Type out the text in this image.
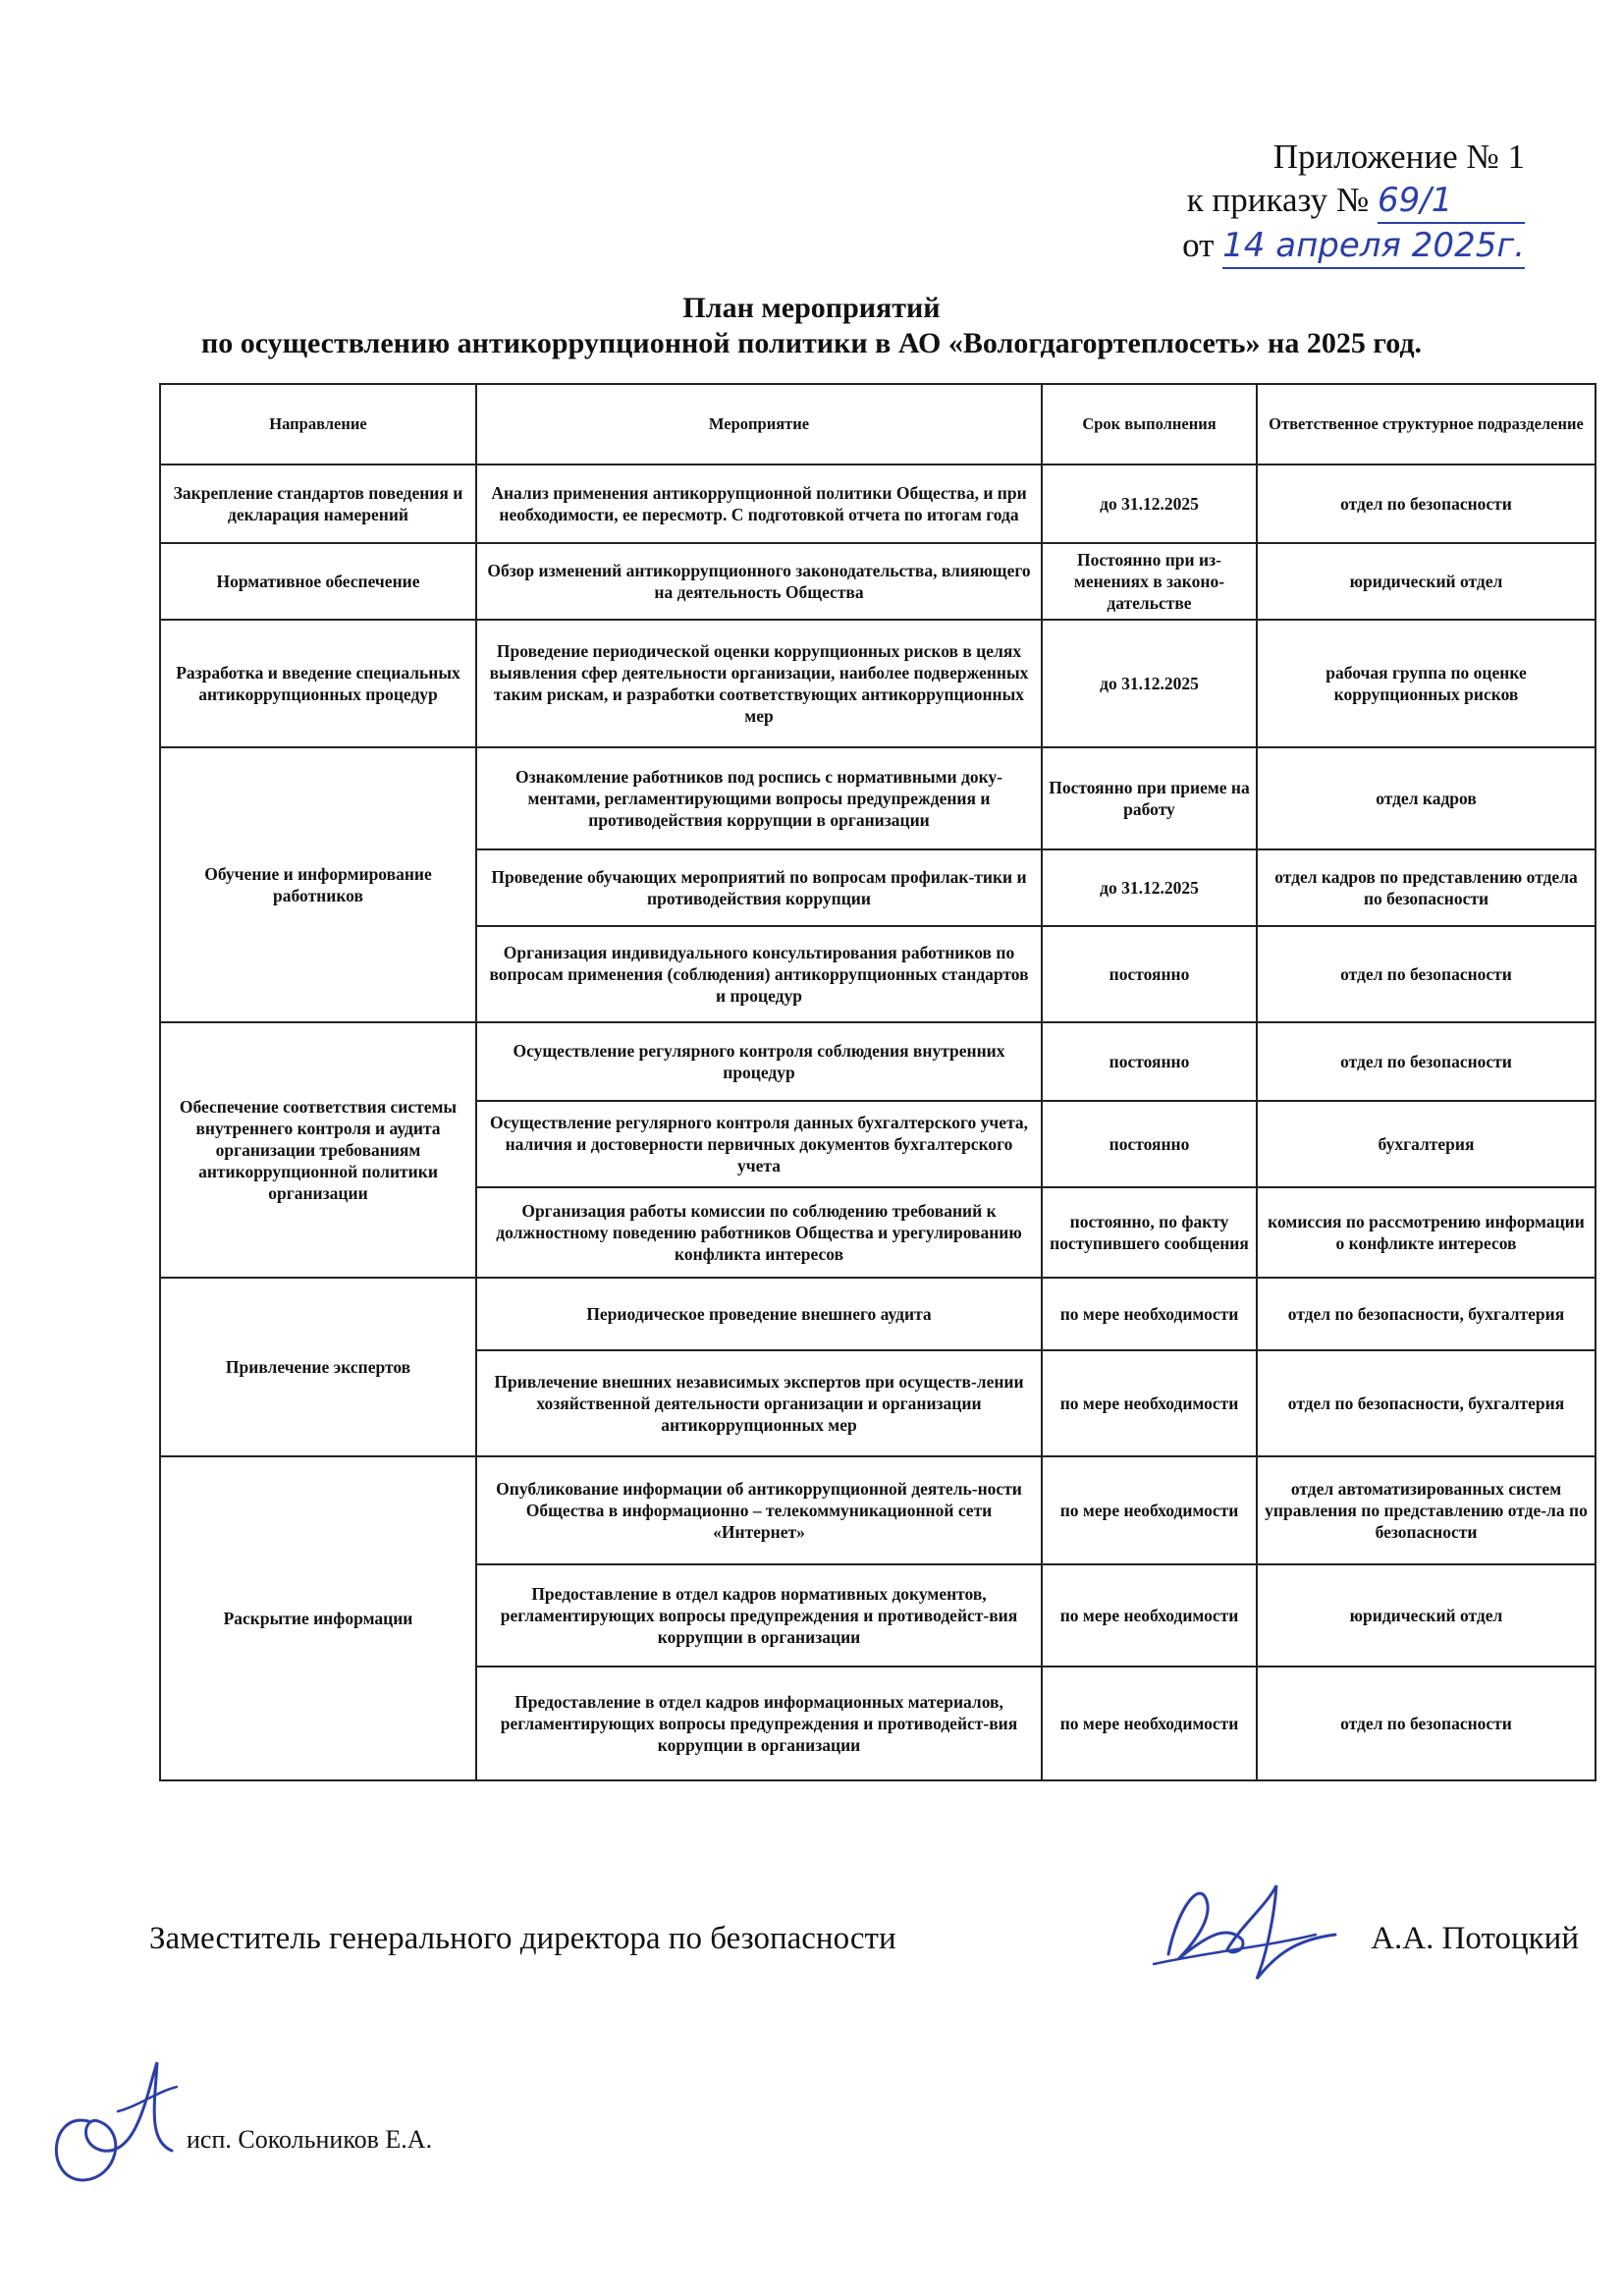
Приложение № 1
к приказу № 69/1
от 14 апреля 2025г.
План мероприятий
по осуществлению антикоррупционной политики в АО «Вологдагортеплосеть» на 2025 год.
Направление	Мероприятие	Срок выполнения	Ответственное структурное подразделение
Закрепление стандартов поведения и декларация намерений	Анализ применения антикоррупционной политики Общества, и при необходимости, ее пересмотр. С подготовкой отчета по итогам года	до 31.12.2025	отдел по безопасности
Нормативное обеспечение	Обзор изменений антикоррупционного законодательства, влияющего на деятельность Общества	Постоянно при из-менениях в законо-дательстве	юридический отдел
Разработка и введение специальных антикоррупционных процедур	Проведение периодической оценки коррупционных рисков в целях выявления сфер деятельности организации, наиболее подверженных таким рискам, и разработки соответствующих антикоррупционных мер	до 31.12.2025	рабочая группа по оценке коррупционных рисков
Обучение и информирование работников	Ознакомление работников под роспись с нормативными доку-ментами, регламентирующими вопросы предупреждения и противодействия коррупции в организации	Постоянно при приеме на работу	отдел кадров
	Проведение обучающих мероприятий по вопросам профилак-тики и противодействия коррупции	до 31.12.2025	отдел кадров по представлению отдела по безопасности
	Организация индивидуального консультирования работников по вопросам применения (соблюдения) антикоррупционных стандартов и процедур	постоянно	отдел по безопасности
Обеспечение соответствия системы внутреннего контроля и аудита организации требованиям антикоррупционной политики организации	Осуществление регулярного контроля соблюдения внутренних процедур	постоянно	отдел по безопасности
	Осуществление регулярного контроля данных бухгалтерского учета, наличия и достоверности первичных документов бухгалтерского учета	постоянно	бухгалтерия
	Организация работы комиссии по соблюдению требований к должностному поведению работников Общества и урегулированию конфликта интересов	постоянно, по факту поступившего сообщения	комиссия по рассмотрению информации о конфликте интересов
Привлечение экспертов	Периодическое проведение внешнего аудита	по мере необходимости	отдел по безопасности, бухгалтерия
	Привлечение внешних независимых экспертов при осуществ-лении хозяйственной деятельности организации и организации антикоррупционных мер	по мере необходимости	отдел по безопасности, бухгалтерия
Раскрытие информации	Опубликование информации об антикоррупционной деятель-ности Общества в информационно – телекоммуникационной сети «Интернет»	по мере необходимости	отдел автоматизированных систем управления по представлению отде-ла по безопасности
	Предоставление в отдел кадров нормативных документов, регламентирующих вопросы предупреждения и противодейст-вия коррупции в организации	по мере необходимости	юридический отдел
	Предоставление в отдел кадров информационных материалов, регламентирующих вопросы предупреждения и противодейст-вия коррупции в организации	по мере необходимости	отдел по безопасности
Заместитель генерального директора по безопасности	А.А. Потоцкий
исп. Сокольников Е.А.
